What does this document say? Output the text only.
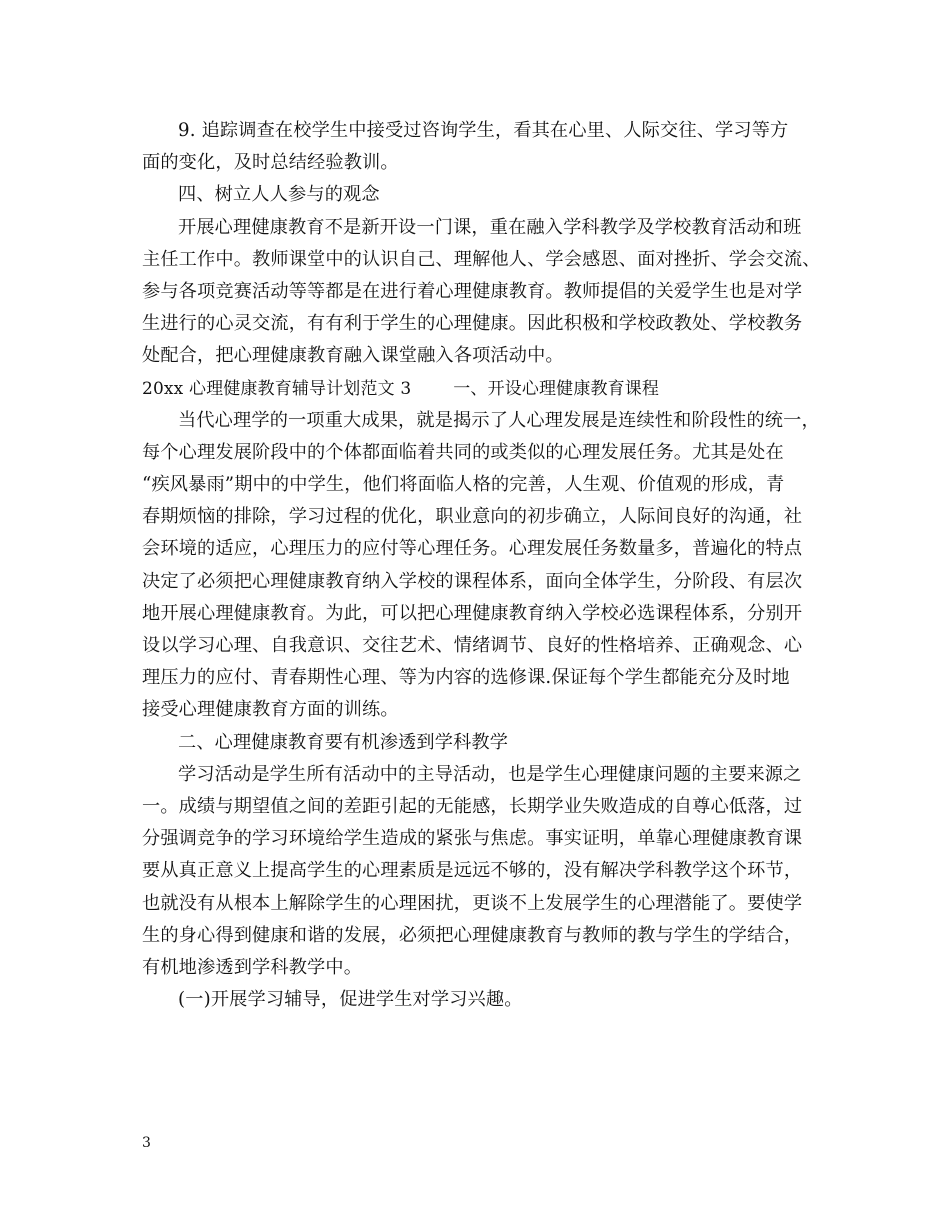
9. 追踪调查在校学生中接受过咨询学生，看其在心里、人际交往、学习等方
面的变化，及时总结经验教训。
四、树立人人参与的观念
开展心理健康教育不是新开设一门课，重在融入学科教学及学校教育活动和班
主任工作中。教师课堂中的认识自己、理解他人、学会感恩、面对挫折、学会交流、
参与各项竞赛活动等等都是在进行着心理健康教育。教师提倡的关爱学生也是对学
生进行的心灵交流，有有利于学生的心理健康。因此积极和学校政教处、学校教务
处配合，把心理健康教育融入课堂融入各项活动中。
20xx 心理健康教育辅导计划范文 3 一、开设心理健康教育课程
当代心理学的一项重大成果，就是揭示了人心理发展是连续性和阶段性的统一，
每个心理发展阶段中的个体都面临着共同的或类似的心理发展任务。尤其是处在
“疾风暴雨”期中的中学生，他们将面临人格的完善，人生观、价值观的形成，青
春期烦恼的排除，学习过程的优化，职业意向的初步确立，人际间良好的沟通，社
会环境的适应，心理压力的应付等心理任务。心理发展任务数量多，普遍化的特点
决定了必须把心理健康教育纳入学校的课程体系，面向全体学生，分阶段、有层次
地开展心理健康教育。为此，可以把心理健康教育纳入学校必选课程体系，分别开
设以学习心理、自我意识、交往艺术、情绪调节、良好的性格培养、正确观念、心
理压力的应付、青春期性心理、等为内容的选修课.保证每个学生都能充分及时地
接受心理健康教育方面的训练。
二、心理健康教育要有机渗透到学科教学
学习活动是学生所有活动中的主导活动，也是学生心理健康问题的主要来源之
一。成绩与期望值之间的差距引起的无能感，长期学业失败造成的自尊心低落，过
分强调竞争的学习环境给学生造成的紧张与焦虑。事实证明，单靠心理健康教育课
要从真正意义上提高学生的心理素质是远远不够的，没有解决学科教学这个环节，
也就没有从根本上解除学生的心理困扰，更谈不上发展学生的心理潜能了。要使学
生的身心得到健康和谐的发展，必须把心理健康教育与教师的教与学生的学结合，
有机地渗透到学科教学中。
(一)开展学习辅导，促进学生对学习兴趣。
3
